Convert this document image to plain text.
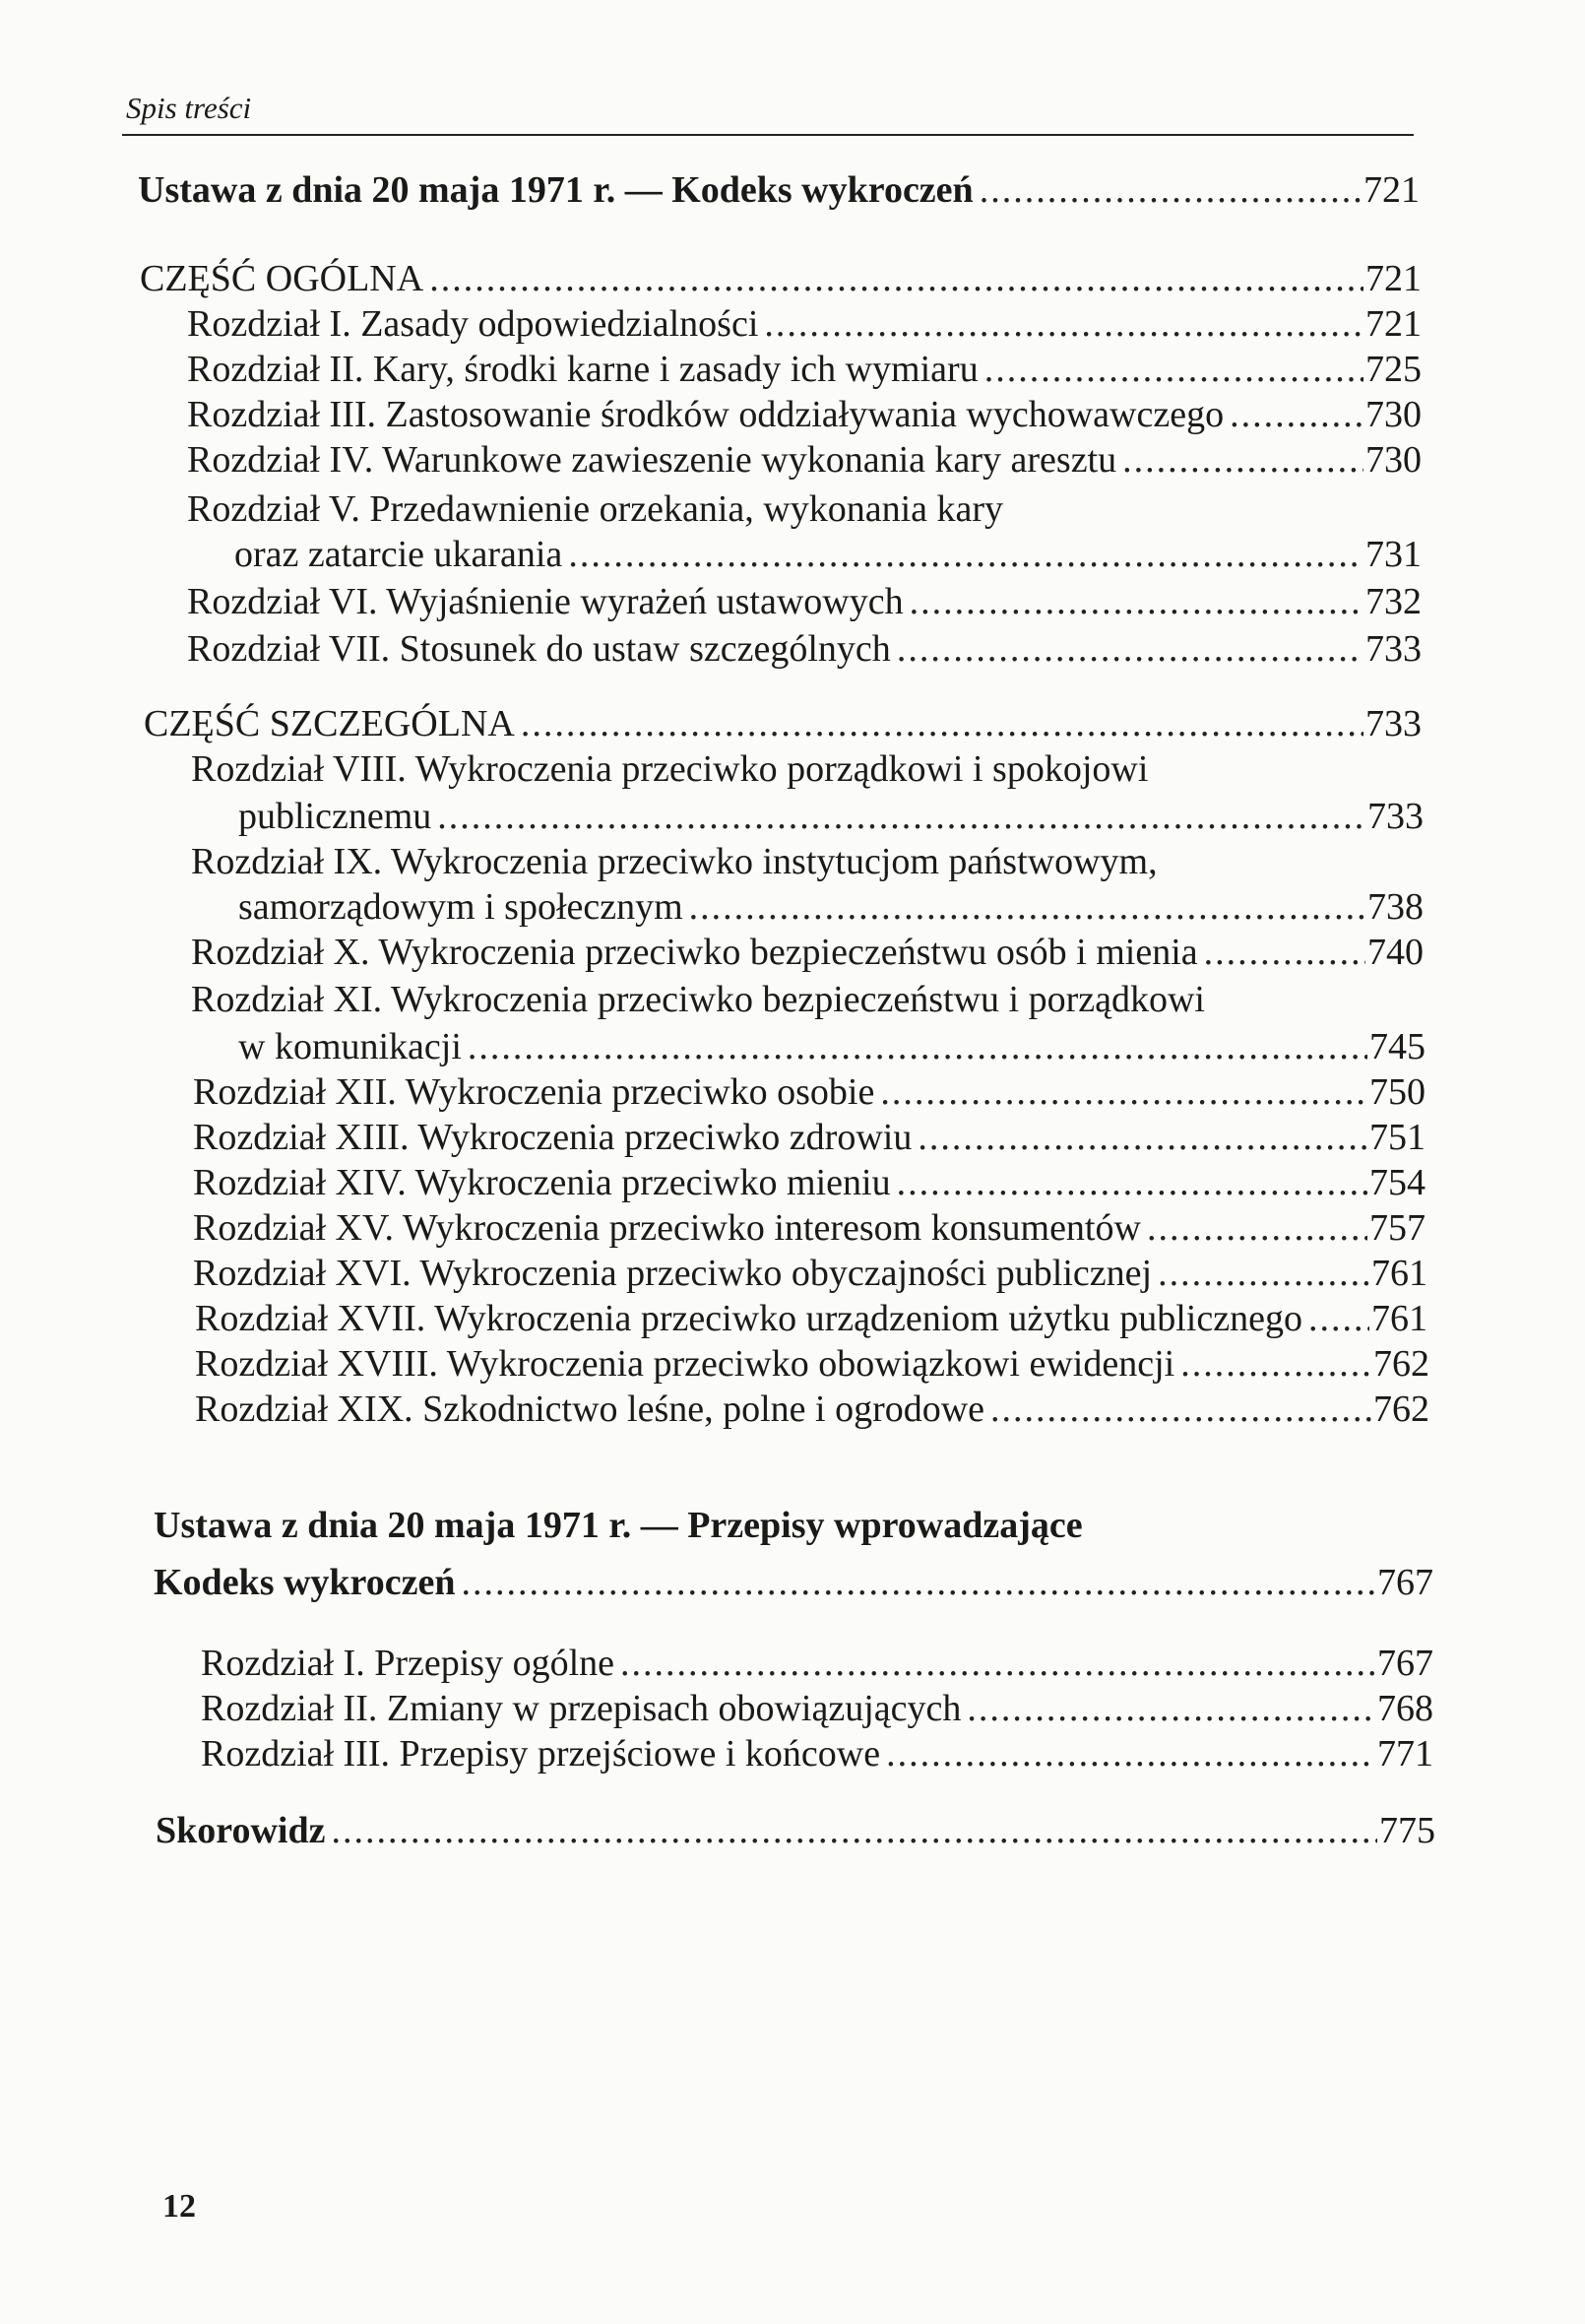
Spis treści
Ustawa z dnia 20 maja 1971 r. — Kodeks wykroczeń .....	721
CZĘŚĆ OGÓLNA .....	721
Rozdział I. Zasady odpowiedzialności .....	721
Rozdział II. Kary, środki karne i zasady ich wymiaru .....	725
Rozdział III. Zastosowanie środków oddziaływania wychowawczego .....	730
Rozdział IV. Warunkowe zawieszenie wykonania kary aresztu .....	730
Rozdział V. Przedawnienie orzekania, wykonania kary
oraz zatarcie ukarania .....	731
Rozdział VI. Wyjaśnienie wyrażeń ustawowych .....	732
Rozdział VII. Stosunek do ustaw szczególnych .....	733
CZĘŚĆ SZCZEGÓLNA .....	733
Rozdział VIII. Wykroczenia przeciwko porządkowi i spokojowi
publicznemu .....	733
Rozdział IX. Wykroczenia przeciwko instytucjom państwowym,
samorządowym i społecznym .....	738
Rozdział X. Wykroczenia przeciwko bezpieczeństwu osób i mienia .....	740
Rozdział XI. Wykroczenia przeciwko bezpieczeństwu i porządkowi
w komunikacji .....	745
Rozdział XII. Wykroczenia przeciwko osobie .....	750
Rozdział XIII. Wykroczenia przeciwko zdrowiu .....	751
Rozdział XIV. Wykroczenia przeciwko mieniu .....	754
Rozdział XV. Wykroczenia przeciwko interesom konsumentów .....	757
Rozdział XVI. Wykroczenia przeciwko obyczajności publicznej .....	761
Rozdział XVII. Wykroczenia przeciwko urządzeniom użytku publicznego ..... 761
Rozdział XVIII. Wykroczenia przeciwko obowiązkowi ewidencji .....	762
Rozdział XIX. Szkodnictwo leśne, polne i ogrodowe .....	762
Ustawa z dnia 20 maja 1971 r. — Przepisy wprowadzające
Kodeks wykroczeń .....	767
Rozdział I. Przepisy ogólne .....	767
Rozdział II. Zmiany w przepisach obowiązujących .....	768
Rozdział III. Przepisy przejściowe i końcowe .....	771
Skorowidz .....	775
12
